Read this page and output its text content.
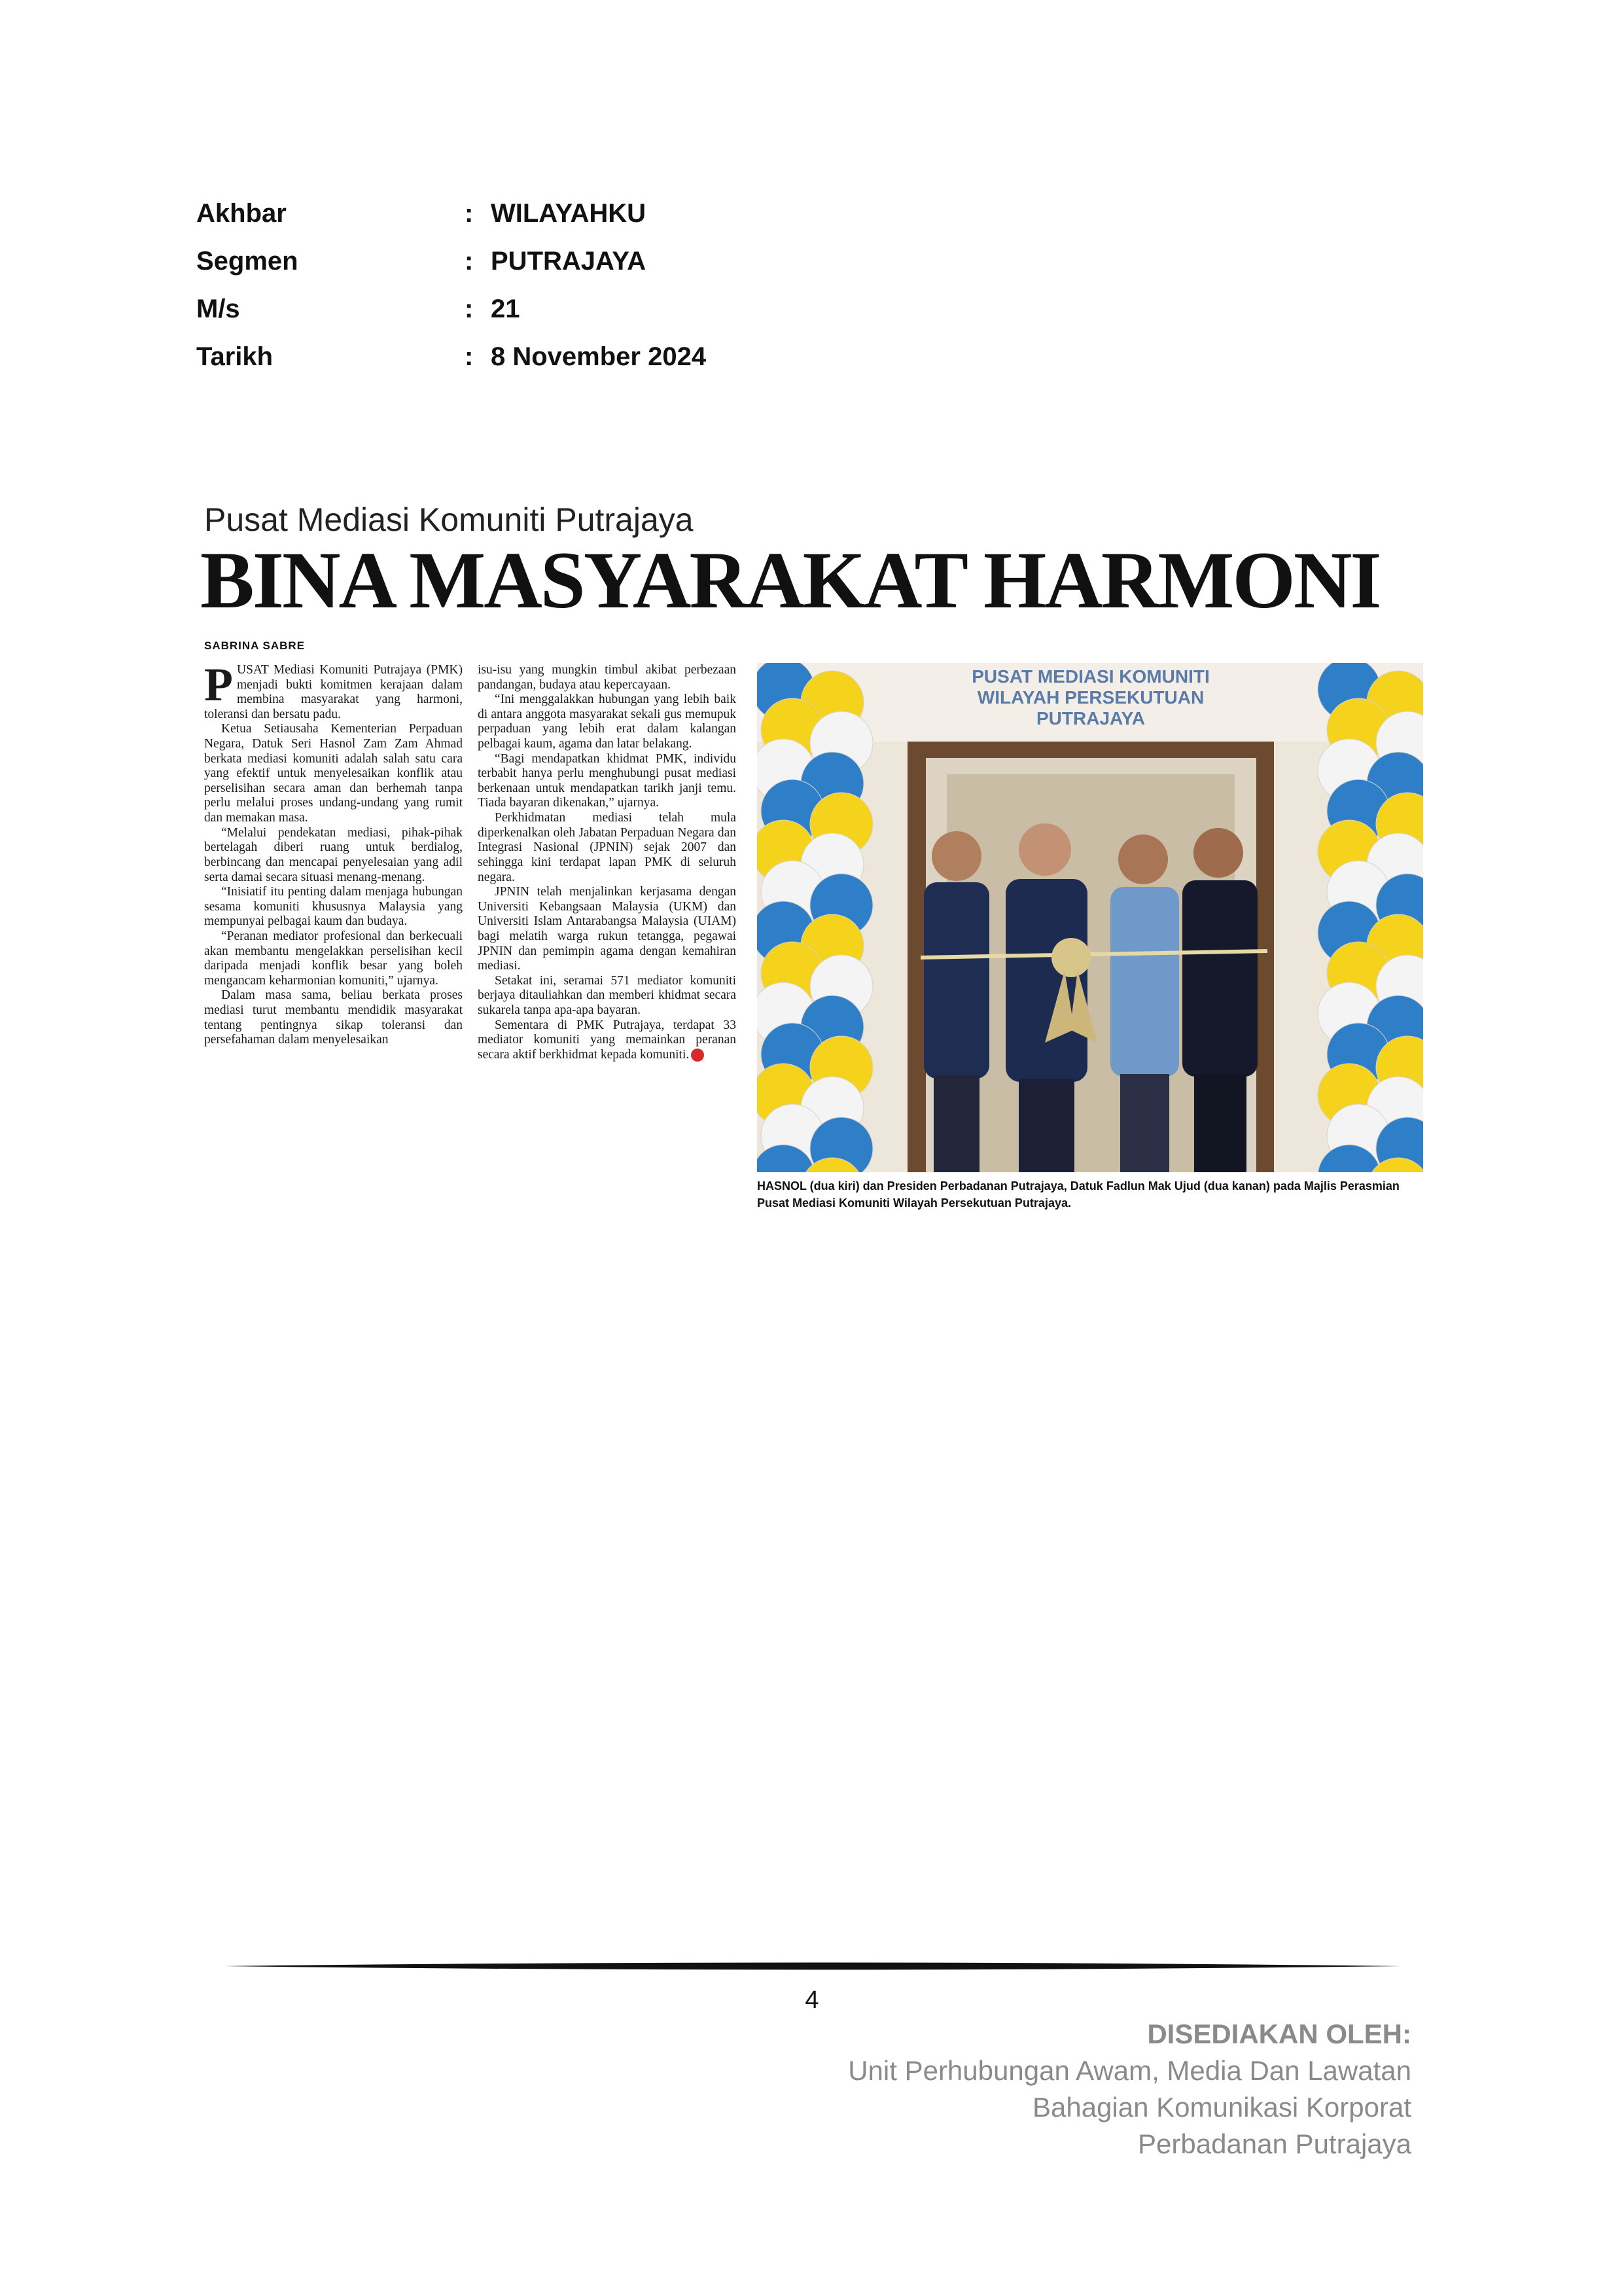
Akhbar	: WILAYAHKU
Segmen	: PUTRAJAYA
M/s	: 21
Tarikh	: 8 November 2024
Pusat Mediasi Komuniti Putrajaya
BINA MASYARAKAT HARMONI
SABRINA SABRE

PUSAT Mediasi Komuniti Putrajaya (PMK) menjadi bukti komitmen kerajaan dalam membina masyarakat yang harmoni, toleransi dan bersatu padu.

Ketua Setiausaha Kementerian Perpaduan Negara, Datuk Seri Hasnol Zam Zam Ahmad berkata mediasi komuniti adalah salah satu cara yang efektif untuk menyelesaikan konflik atau perselisihan secara aman dan berhemah tanpa perlu melalui proses undang-undang yang rumit dan memakan masa.

“Melalui pendekatan mediasi, pihak-pihak bertelagah diberi ruang untuk berdialog, berbincang dan mencapai penyelesaian yang adil serta damai secara situasi menang-menang.

“Inisiatif itu penting dalam menjaga hubungan sesama komuniti khususnya Malaysia yang mempunyai pelbagai kaum dan budaya.

“Peranan mediator profesional dan berkecuali akan membantu mengelakkan perselisihan kecil daripada menjadi konflik besar yang boleh mengancam keharmonian komuniti,” ujarnya.

Dalam masa sama, beliau berkata proses mediasi turut membantu mendidik masyarakat tentang pentingnya sikap toleransi dan persefahaman dalam menyelesaikan

isu-isu yang mungkin timbul akibat perbezaan pandangan, budaya atau kepercayaan.

“Ini menggalakkan hubungan yang lebih baik di antara anggota masyarakat sekali gus memupuk perpaduan yang lebih erat dalam kalangan pelbagai kaum, agama dan latar belakang.

“Bagi mendapatkan khidmat PMK, individu terbabit hanya perlu menghubungi pusat mediasi berkenaan untuk mendapatkan tarikh janji temu. Tiada bayaran dikenakan,” ujarnya.

Perkhidmatan mediasi telah mula diperkenalkan oleh Jabatan Perpaduan Negara dan Integrasi Nasional (JPNIN) sejak 2007 dan sehingga kini terdapat lapan PMK di seluruh negara.

JPNIN telah menjalinkan kerjasama dengan Universiti Kebangsaan Malaysia (UKM) dan Universiti Islam Antarabangsa Malaysia (UIAM) bagi melatih warga rukun tetangga, pegawai JPNIN dan pemimpin agama dengan kemahiran mediasi.

Setakat ini, seramai 571 mediator komuniti berjaya ditauliahkan dan memberi khidmat secara sukarela tanpa apa-apa bayaran.

Sementara di PMK Putrajaya, terdapat 33 mediator komuniti yang memainkan peranan secara aktif berkhidmat kepada komuniti.

PUSAT MEDIASI KOMUNITI
WILAYAH PERSEKUTUAN
PUTRAJAYA
HASNOL (dua kiri) dan Presiden Perbadanan Putrajaya, Datuk Fadlun Mak Ujud (dua kanan) pada Majlis Perasmian Pusat Mediasi Komuniti Wilayah Persekutuan Putrajaya.
4
DISEDIAKAN OLEH:
Unit Perhubungan Awam, Media Dan Lawatan
Bahagian Komunikasi Korporat
Perbadanan Putrajaya
